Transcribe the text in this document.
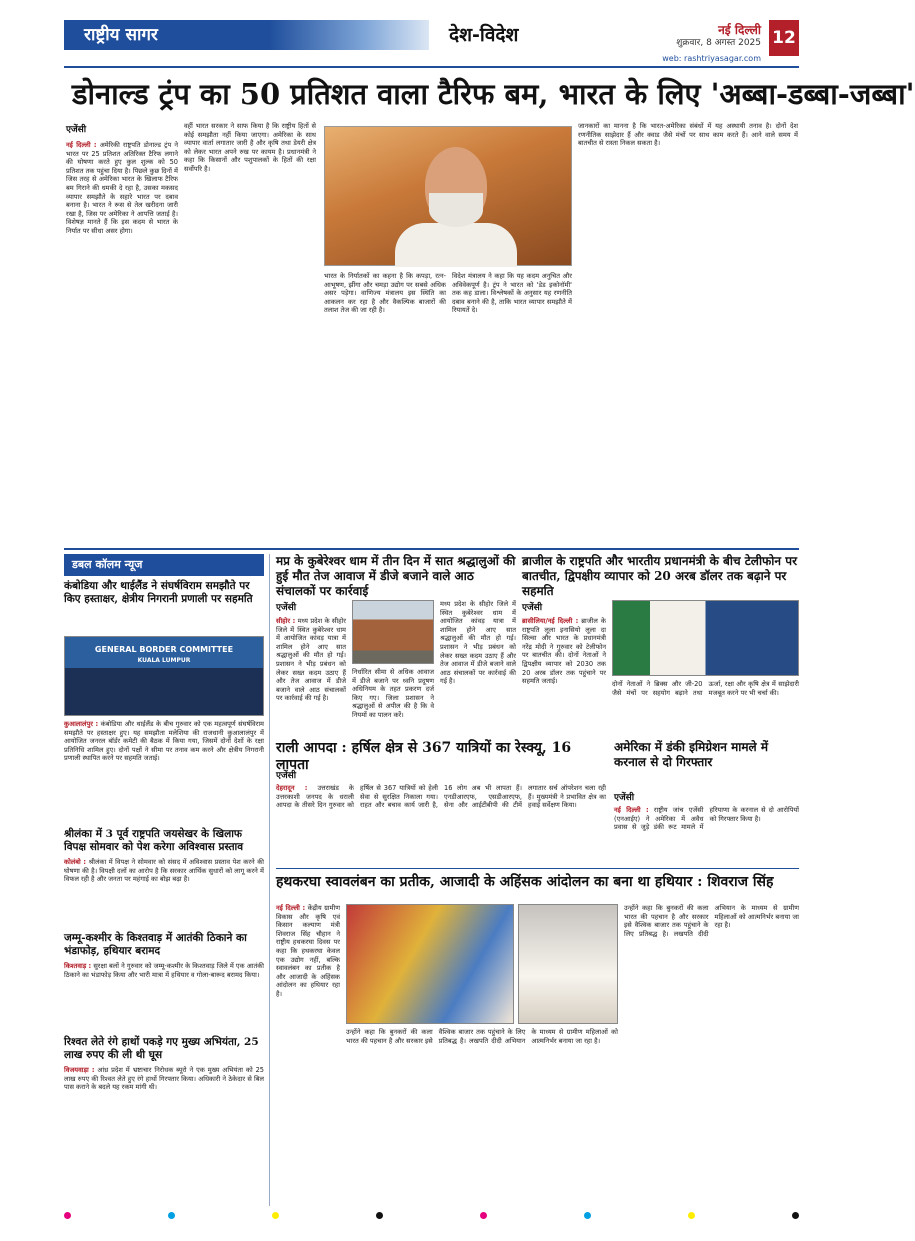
राष्ट्रीय सागर	देश-विदेश	नई दिल्ली
शुक्रवार, 8 अगस्त 2025
web: rashtriyasagar.com
12
डोनाल्ड ट्रंप का 50 प्रतिशत वाला टैरिफ बम, भारत के लिए 'अब्बा-डब्बा-जब्बा'
एजेंसी
नई दिल्ली : अमेरिकी राष्ट्रपति डोनाल्ड ट्रंप ने भारत पर 25 प्रतिशत अतिरिक्त टैरिफ लगाने की घोषणा करते हुए कुल शुल्क को 50 प्रतिशत तक पहुंचा दिया है। पिछले कुछ दिनों में जिस तरह से अमेरिका भारत के खिलाफ टैरिफ बम गिराने की धमकी दे रहा है, उसका मकसद व्यापार समझौते के सहारे भारत पर दबाव बनाना है। भारत ने रूस से तेल खरीदना जारी रखा है, जिस पर अमेरिका ने आपत्ति जताई है। विशेषज्ञ मानते हैं कि इस कदम से भारत के निर्यात पर सीधा असर होगा।
वहीं भारत सरकार ने साफ किया है कि राष्ट्रीय हितों से कोई समझौता नहीं किया जाएगा। अमेरिका के साथ व्यापार वार्ता लगातार जारी है और कृषि तथा डेयरी क्षेत्र को लेकर भारत अपने रुख पर कायम है। प्रधानमंत्री ने कहा कि किसानों और पशुपालकों के हितों की रक्षा सर्वोपरि है।
भारत के निर्यातकों का कहना है कि कपड़ा, रत्न-आभूषण, झींगा और चमड़ा उद्योग पर सबसे अधिक असर पड़ेगा। वाणिज्य मंत्रालय इस स्थिति का आकलन कर रहा है और वैकल्पिक बाजारों की तलाश तेज की जा रही है।
विदेश मंत्रालय ने कहा कि यह कदम अनुचित और अविवेकपूर्ण है। ट्रंप ने भारत को 'डेड इकोनॉमी' तक कह डाला। विश्लेषकों के अनुसार यह रणनीति दबाव बनाने की है, ताकि भारत व्यापार समझौते में रियायतें दे।
जानकारों का मानना है कि भारत-अमेरिका संबंधों में यह अस्थायी तनाव है। दोनों देश रणनीतिक साझेदार हैं और क्वाड जैसे मंचों पर साथ काम करते हैं। आने वाले समय में बातचीत से रास्ता निकल सकता है।
डबल कॉलम न्यूज
कंबोडिया और थाईलैंड ने संघर्षविराम समझौते पर किए हस्ताक्षर, क्षेत्रीय निगरानी प्रणाली पर सहमति
GENERAL BORDER COMMITTEE
KUALA LUMPUR
कुआलालंपुर : कंबोडिया और थाईलैंड के बीच गुरुवार को एक महत्वपूर्ण संघर्षविराम समझौते पर हस्ताक्षर हुए। यह समझौता मलेशिया की राजधानी कुआलालंपुर में आयोजित जनरल बॉर्डर कमेटी की बैठक में किया गया, जिसमें दोनों देशों के रक्षा प्रतिनिधि शामिल हुए। दोनों पक्षों ने सीमा पर तनाव कम करने और क्षेत्रीय निगरानी प्रणाली स्थापित करने पर सहमति जताई।
श्रीलंका में 3 पूर्व राष्ट्रपति जयसेखर के खिलाफ विपक्ष सोमवार को पेश करेगा अविश्वास प्रस्ताव
कोलंबो : श्रीलंका में विपक्ष ने सोमवार को संसद में अविश्वास प्रस्ताव पेश करने की घोषणा की है। विपक्षी दलों का आरोप है कि सरकार आर्थिक सुधारों को लागू करने में विफल रही है और जनता पर महंगाई का बोझ बढ़ा है।
जम्मू-कश्मीर के किश्तवाड़ में आतंकी ठिकाने का भंडाफोड़, हथियार बरामद
किश्तवाड़ : सुरक्षा बलों ने गुरुवार को जम्मू-कश्मीर के किश्तवाड़ जिले में एक आतंकी ठिकाने का भंडाफोड़ किया और भारी मात्रा में हथियार व गोला-बारूद बरामद किया।
रिश्वत लेते रंगे हाथों पकड़े गए मुख्य अभियंता, 25 लाख रुपए की ली थी घूस
विजयवाड़ा : आंध्र प्रदेश में भ्रष्टाचार निरोधक ब्यूरो ने एक मुख्य अभियंता को 25 लाख रुपए की रिश्वत लेते हुए रंगे हाथों गिरफ्तार किया। अधिकारी ने ठेकेदार से बिल पास कराने के बदले यह रकम मांगी थी।
मप्र के कुबेरेश्वर धाम में तीन दिन में सात श्रद्धालुओं की हुई मौत तेज आवाज में डीजे बजाने वाले आठ संचालकों पर कार्रवाई
एजेंसी
सीहोर : मध्य प्रदेश के सीहोर जिले में स्थित कुबेरेश्वर धाम में आयोजित कांवड़ यात्रा में शामिल होने आए सात श्रद्धालुओं की मौत हो गई। प्रशासन ने भीड़ प्रबंधन को लेकर सख्त कदम उठाए हैं और तेज आवाज में डीजे बजाने वाले आठ संचालकों पर कार्रवाई की गई है।
निर्धारित सीमा से अधिक आवाज में डीजे बजाने पर ध्वनि प्रदूषण अधिनियम के तहत प्रकरण दर्ज किए गए। जिला प्रशासन ने श्रद्धालुओं से अपील की है कि वे नियमों का पालन करें।
मध्य प्रदेश के सीहोर जिले में स्थित कुबेरेश्वर धाम में आयोजित कांवड़ यात्रा में शामिल होने आए सात श्रद्धालुओं की मौत हो गई। प्रशासन ने भीड़ प्रबंधन को लेकर सख्त कदम उठाए हैं और तेज आवाज में डीजे बजाने वाले आठ संचालकों पर कार्रवाई की गई है।
ब्राजील के राष्ट्रपति और भारतीय प्रधानमंत्री के बीच टेलीफोन पर बातचीत, द्विपक्षीय व्यापार को 20 अरब डॉलर तक बढ़ाने पर सहमति
एजेंसी
ब्रासीलिया/नई दिल्ली : ब्राजील के राष्ट्रपति लूला इनासियो लूला दा सिल्वा और भारत के प्रधानमंत्री नरेंद्र मोदी ने गुरुवार को टेलीफोन पर बातचीत की। दोनों नेताओं ने द्विपक्षीय व्यापार को 2030 तक 20 अरब डॉलर तक पहुंचाने पर सहमति जताई।	दोनों नेताओं ने ब्रिक्स और जी-20 जैसे मंचों पर सहयोग बढ़ाने तथा ऊर्जा, रक्षा और कृषि क्षेत्र में साझेदारी मजबूत करने पर भी चर्चा की।
राली आपदा : हर्षिल क्षेत्र से 367 यात्रियों का रेस्क्यू, 16 लापता
एजेंसी
देहरादून : उत्तराखंड के उत्तरकाशी जनपद के धराली आपदा के तीसरे दिन गुरुवार को हर्षिल से 367 यात्रियों को हेली सेवा से सुरक्षित निकाला गया। राहत और बचाव कार्य जारी है, 16 लोग अब भी लापता हैं। एनडीआरएफ, एसडीआरएफ, सेना और आईटीबीपी की टीमें लगातार सर्च ऑपरेशन चला रही हैं। मुख्यमंत्री ने प्रभावित क्षेत्र का हवाई सर्वेक्षण किया।
अमेरिका में डंकी इमिग्रेशन मामले में करनाल से दो गिरफ्तार
एजेंसी
नई दिल्ली : राष्ट्रीय जांच एजेंसी (एनआईए) ने अमेरिका में अवैध प्रवास से जुड़े डंकी रूट मामले में हरियाणा के करनाल से दो आरोपियों को गिरफ्तार किया है।
हथकरघा स्वावलंबन का प्रतीक, आजादी के अहिंसक आंदोलन का बना था हथियार : शिवराज सिंह
नई दिल्ली : केंद्रीय ग्रामीण विकास और कृषि एवं किसान कल्याण मंत्री शिवराज सिंह चौहान ने राष्ट्रीय हथकरघा दिवस पर कहा कि हथकरघा केवल एक उद्योग नहीं, बल्कि स्वावलंबन का प्रतीक है और आजादी के अहिंसक आंदोलन का हथियार रहा है।
उन्होंने कहा कि बुनकरों की कला भारत की पहचान है और सरकार इसे वैश्विक बाजार तक पहुंचाने के लिए प्रतिबद्ध है। लखपति दीदी अभियान के माध्यम से ग्रामीण महिलाओं को आत्मनिर्भर बनाया जा रहा है।
उन्होंने कहा कि बुनकरों की कला भारत की पहचान है और सरकार इसे वैश्विक बाजार तक पहुंचाने के लिए प्रतिबद्ध है। लखपति दीदी अभियान के माध्यम से ग्रामीण महिलाओं को आत्मनिर्भर बनाया जा रहा है।
